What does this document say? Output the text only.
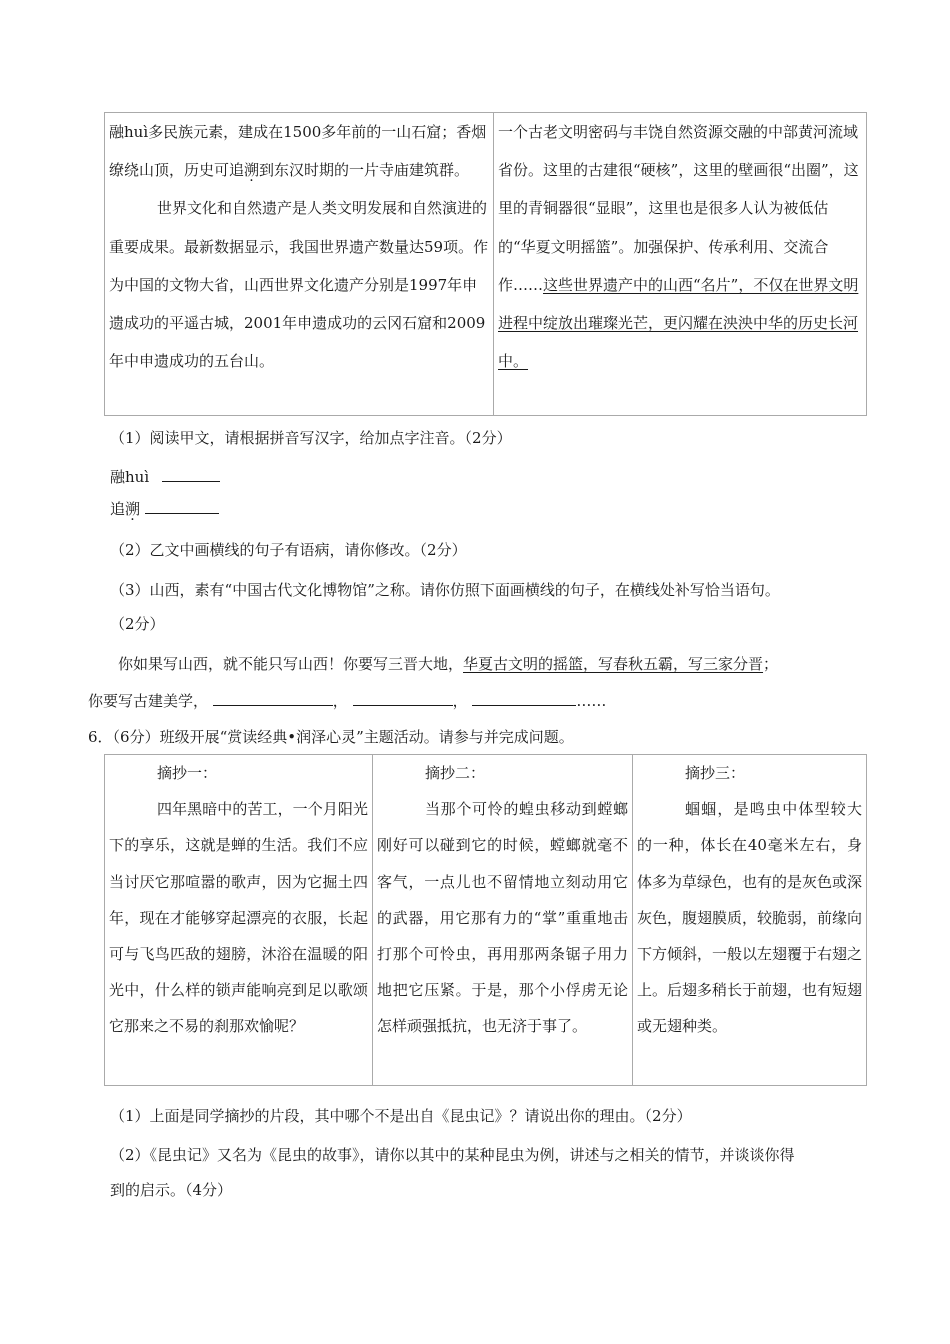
融huì多民族元素，建成在1500多年前的一山石窟；香烟缭绕山顶，历史可追溯到东汉时期的一片寺庙建筑群。

世界文化和自然遗产是人类文明发展和自然演进的重要成果。最新数据显示，我国世界遗产数量达59项。作为中国的文物大省，山西世界文化遗产分别是1997年申遗成功的平遥古城，2001年申遗成功的云冈石窟和2009年中申遗成功的五台山。

一个古老文明密码与丰饶自然资源交融的中部黄河流域省份。这里的古建很“硬核”，这里的壁画很“出圈”，这里的青铜器很“显眼”，这里也是很多人认为被低估的“华夏文明摇篮”。加强保护、传承利用、交流合作……这些世界遗产中的山西“名片”，不仅在世界文明进程中绽放出璀璨光芒，更闪耀在泱泱中华的历史长河中。

（1）阅读甲文，请根据拼音写汉字，给加点字注音。（2分）
融huì
追溯
（2）乙文中画横线的句子有语病，请你修改。（2分）
（3）山西，素有“中国古代文化博物馆”之称。请你仿照下面画横线的句子，在横线处补写恰当语句。
（2分）
你如果写山西，就不能只写山西！你要写三晋大地，华夏古文明的摇篮，写春秋五霸，写三家分晋；
你要写古建美学，	，	，	……
6．（6分）班级开展“赏读经典•润泽心灵”主题活动。请参与并完成问题。

摘抄一：

四年黑暗中的苦工，一个月阳光下的享乐，这就是蝉的生活。我们不应当讨厌它那喧嚣的歌声，因为它掘土四年，现在才能够穿起漂亮的衣服，长起可与飞鸟匹敌的翅膀，沐浴在温暖的阳光中，什么样的锁声能响亮到足以歌颂它那来之不易的刹那欢愉呢？

摘抄二：

当那个可怜的蝗虫移动到螳螂刚好可以碰到它的时候，螳螂就毫不客气，一点儿也不留情地立刻动用它的武器，用它那有力的“掌”重重地击打那个可怜虫，再用那两条锯子用力地把它压紧。于是，那个小俘虏无论怎样顽强抵抗，也无济于事了。

摘抄三：

蝈蝈，是鸣虫中体型较大的一种，体长在40毫米左右，身体多为草绿色，也有的是灰色或深灰色，腹翅膜质，较脆弱，前缘向下方倾斜，一般以左翅覆于右翅之上。后翅多稍长于前翅，也有短翅或无翅种类。

（1）上面是同学摘抄的片段，其中哪个不是出自《昆虫记》？请说出你的理由。（2分）
（2）《昆虫记》又名为《昆虫的故事》，请你以其中的某种昆虫为例，讲述与之相关的情节，并谈谈你得
到的启示。（4分）
